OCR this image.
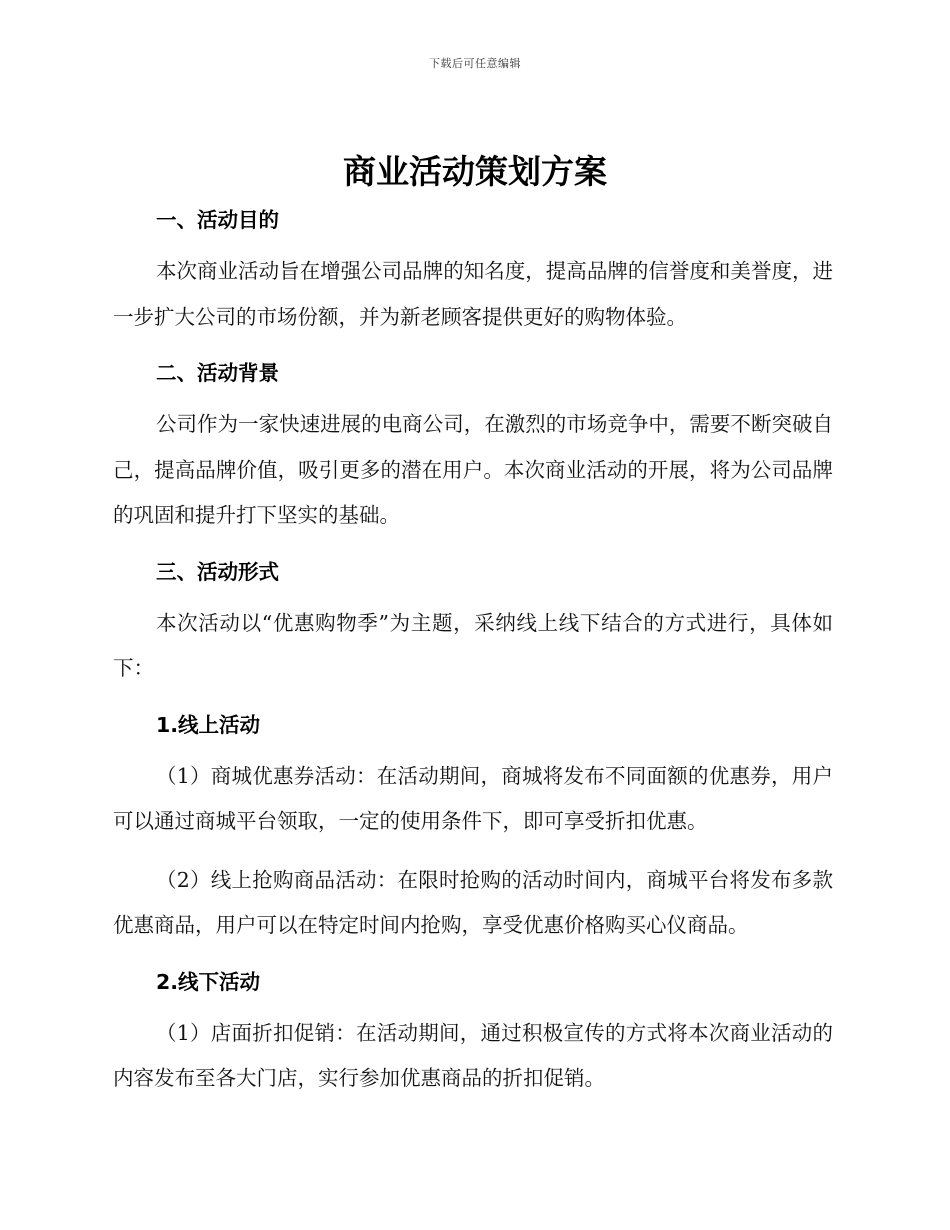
下载后可任意编辑
商业活动策划方案
一、活动目的

本次商业活动旨在增强公司品牌的知名度，提高品牌的信誉度和美誉度，进一步扩大公司的市场份额，并为新老顾客提供更好的购物体验。

二、活动背景

公司作为一家快速进展的电商公司，在激烈的市场竞争中，需要不断突破自己，提高品牌价值，吸引更多的潜在用户。本次商业活动的开展，将为公司品牌的巩固和提升打下坚实的基础。

三、活动形式

本次活动以“优惠购物季”为主题，采纳线上线下结合的方式进行，具体如下：

1.线上活动

（1）商城优惠券活动：在活动期间，商城将发布不同面额的优惠券，用户可以通过商城平台领取，一定的使用条件下，即可享受折扣优惠。

（2）线上抢购商品活动：在限时抢购的活动时间内，商城平台将发布多款优惠商品，用户可以在特定时间内抢购，享受优惠价格购买心仪商品。

2.线下活动

（1）店面折扣促销：在活动期间，通过积极宣传的方式将本次商业活动的内容发布至各大门店，实行参加优惠商品的折扣促销。
